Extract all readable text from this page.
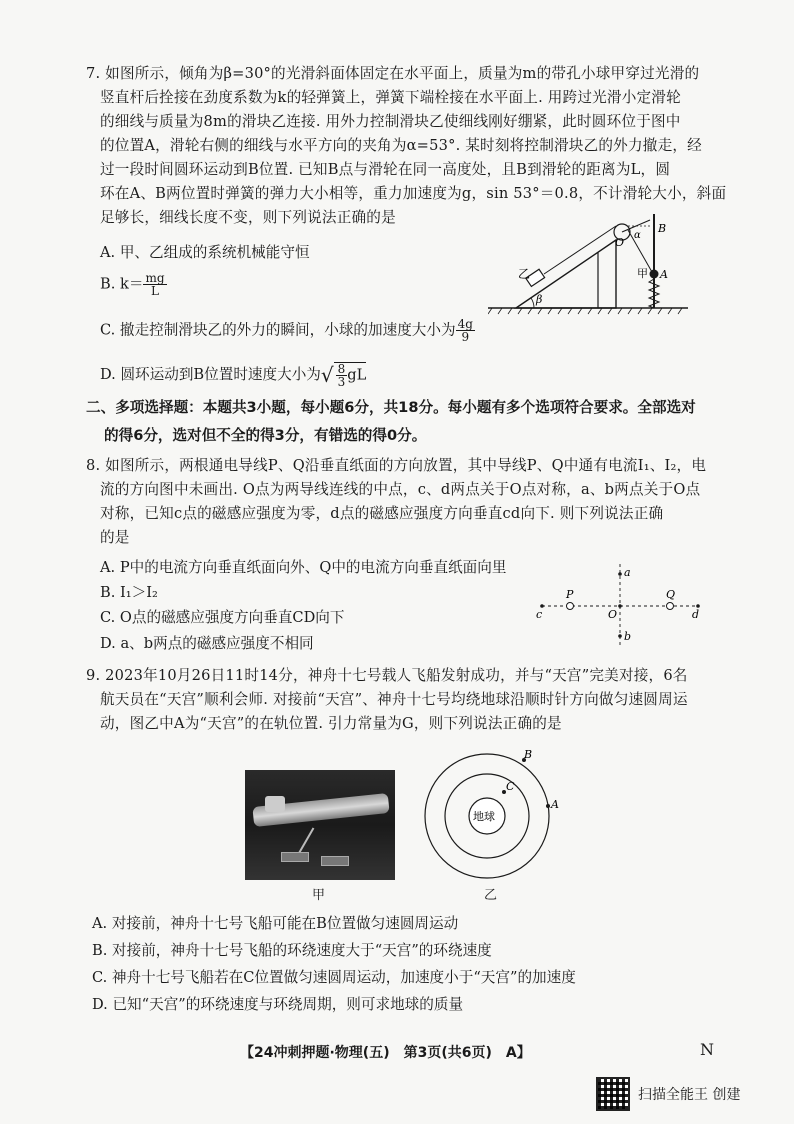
7. 如图所示，倾角为β=30°的光滑斜面体固定在水平面上，质量为m的带孔小球甲穿过光滑的
竖直杆后拴接在劲度系数为k的轻弹簧上，弹簧下端栓接在水平面上. 用跨过光滑小定滑轮
的细线与质量为8m的滑块乙连接. 用外力控制滑块乙使细线刚好绷紧，此时圆环位于图中
的位置A，滑轮右侧的细线与水平方向的夹角为α=53°. 某时刻将控制滑块乙的外力撤走，经
过一段时间圆环运动到B位置. 已知B点与滑轮在同一高度处，且B到滑轮的距离为L，圆
环在A、B两位置时弹簧的弹力大小相等，重力加速度为g，sin 53°＝0.8，不计滑轮大小，斜面
足够长，细线长度不变，则下列说法正确的是
A. 甲、乙组成的系统机械能守恒
B. $k= \frac{mg}{L}$
C. 撤走控制滑块乙的外力的瞬间，小球的加速度大小为 $\frac{4g}{9}$
D. 圆环运动到B位置时速度大小为√ $\frac{8}{3}$ gL
β
乙
O
α
B
甲 A
二、多项选择题：本题共3小题，每小题6分，共18分。每小题有多个选项符合要求。全部选对
的得6分，选对但不全的得3分，有错选的得0分。
8. 如图所示，两根通电导线P、Q沿垂直纸面的方向放置，其中导线P、Q中通有电流I₁、I₂，电
流的方向图中未画出. O点为两导线连线的中点，c、d两点关于O点对称，a、b两点关于O点
对称，已知c点的磁感应强度为零，d点的磁感应强度方向垂直cd向下. 则下列说法正确
的是
A. P中的电流方向垂直纸面向外、Q中的电流方向垂直纸面向里
B. I₁＞I₂
C. O点的磁感应强度方向垂直CD向下
D. a、b两点的磁感应强度不相同
P	Q
O
a
b
c	d
9. 2023年10月26日11时14分，神舟十七号载人飞船发射成功，并与“天宫”完美对接，6名
航天员在“天宫”顺利会师. 对接前“天宫”、神舟十七号均绕地球沿顺时针方向做匀速圆周运
动，图乙中A为“天宫”的在轨位置. 引力常量为G，则下列说法正确的是
甲
地球
B
C
A
乙
A. 对接前，神舟十七号飞船可能在B位置做匀速圆周运动
B. 对接前，神舟十七号飞船的环绕速度大于“天宫”的环绕速度
C. 神舟十七号飞船若在C位置做匀速圆周运动，加速度小于“天宫”的加速度
D. 已知“天宫”的环绕速度与环绕周期，则可求地球的质量
【24冲刺押题·物理(五)　第3页(共6页)　A】	N
扫描全能王 创建
